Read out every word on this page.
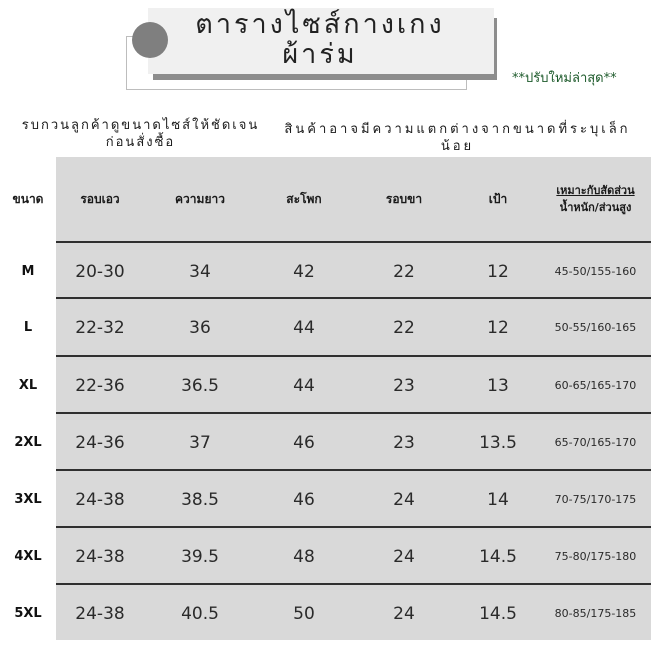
ตารางไซส์กางเกง
ผ้าร่ม
**ปรับใหม่ล่าสุด**
รบกวนลูกค้าดูขนาดไซส์ให้ชัดเจนก่อนสั่งซื้อ
สินค้าอาจมีความแตกต่างจากขนาดที่ระบุเล็กน้อย
ขนาด	รอบเอว	ความยาว	สะโพก	รอบขา	เป้า
เหมาะกับสัดส่วน
น้ำหนัก/ส่วนสูง
M	20-30	34	42	22	12	45-50/155-160
L	22-32	36	44	22	12	50-55/160-165
XL	22-36	36.5	44	23	13	60-65/165-170
2XL	24-36	37	46	23	13.5	65-70/165-170
3XL	24-38	38.5	46	24	14	70-75/170-175
4XL	24-38	39.5	48	24	14.5	75-80/175-180
5XL	24-38	40.5	50	24	14.5	80-85/175-185
